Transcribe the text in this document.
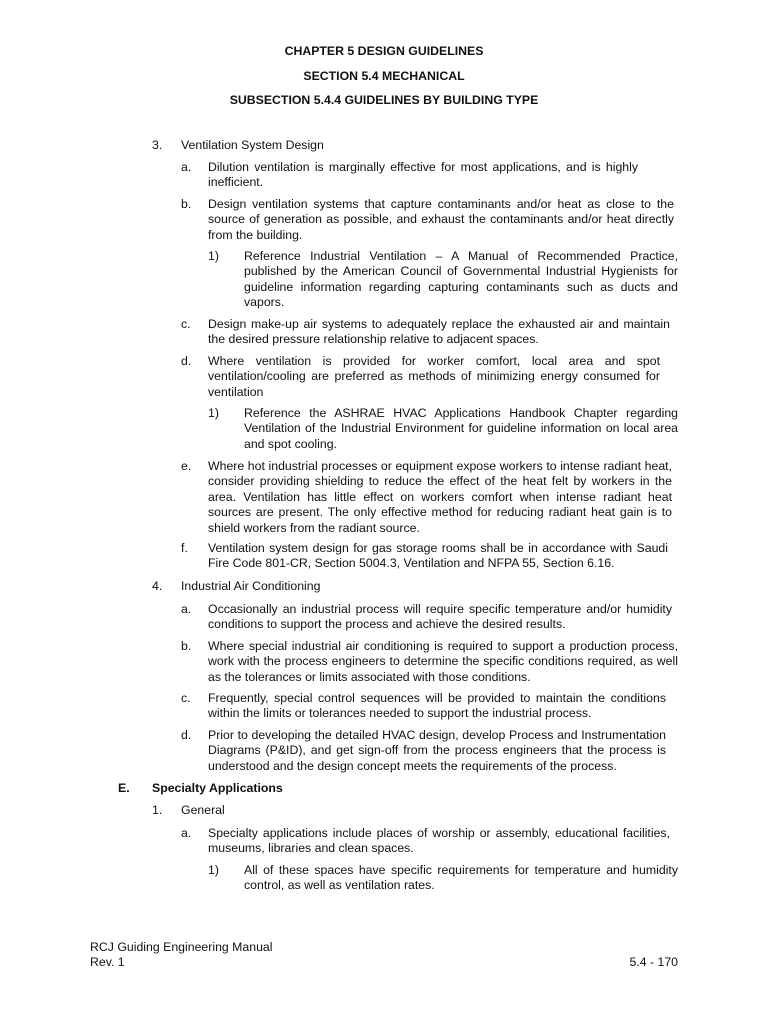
CHAPTER 5 DESIGN GUIDELINES
SECTION 5.4 MECHANICAL
SUBSECTION 5.4.4 GUIDELINES BY BUILDING TYPE
3. Ventilation System Design
a. Dilution ventilation is marginally effective for most applications, and is highly inefficient.
b. Design ventilation systems that capture contaminants and/or heat as close to the source of generation as possible, and exhaust the contaminants and/or heat directly from the building.
1) Reference Industrial Ventilation – A Manual of Recommended Practice, published by the American Council of Governmental Industrial Hygienists for guideline information regarding capturing contaminants such as ducts and vapors.
c. Design make-up air systems to adequately replace the exhausted air and maintain the desired pressure relationship relative to adjacent spaces.
d. Where ventilation is provided for worker comfort, local area and spot ventilation/cooling are preferred as methods of minimizing energy consumed for ventilation
1) Reference the ASHRAE HVAC Applications Handbook Chapter regarding Ventilation of the Industrial Environment for guideline information on local area and spot cooling.
e. Where hot industrial processes or equipment expose workers to intense radiant heat, consider providing shielding to reduce the effect of the heat felt by workers in the area. Ventilation has little effect on workers comfort when intense radiant heat sources are present. The only effective method for reducing radiant heat gain is to shield workers from the radiant source.
f. Ventilation system design for gas storage rooms shall be in accordance with Saudi Fire Code 801-CR, Section 5004.3, Ventilation and NFPA 55, Section 6.16.
4. Industrial Air Conditioning
a. Occasionally an industrial process will require specific temperature and/or humidity conditions to support the process and achieve the desired results.
b. Where special industrial air conditioning is required to support a production process, work with the process engineers to determine the specific conditions required, as well as the tolerances or limits associated with those conditions.
c. Frequently, special control sequences will be provided to maintain the conditions within the limits or tolerances needed to support the industrial process.
d. Prior to developing the detailed HVAC design, develop Process and Instrumentation Diagrams (P&ID), and get sign-off from the process engineers that the process is understood and the design concept meets the requirements of the process.
E. Specialty Applications
1. General
a. Specialty applications include places of worship or assembly, educational facilities, museums, libraries and clean spaces.
1) All of these spaces have specific requirements for temperature and humidity control, as well as ventilation rates.
RCJ Guiding Engineering Manual
Rev. 1	5.4 - 170
